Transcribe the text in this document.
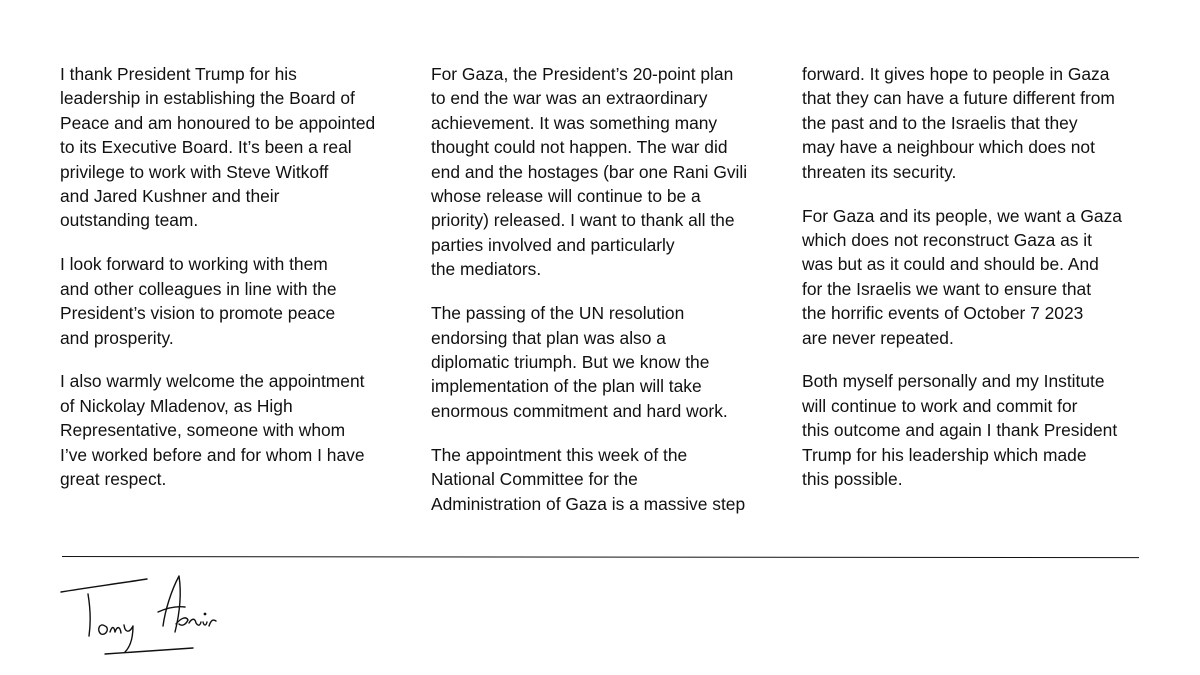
I thank President Trump for his
leadership in establishing the Board of
Peace and am honoured to be appointed
to its Executive Board. It’s been a real
privilege to work with Steve Witkoff
and Jared Kushner and their
outstanding team.

I look forward to working with them
and other colleagues in line with the
President’s vision to promote peace
and prosperity.

I also warmly welcome the appointment
of Nickolay Mladenov, as High
Representative, someone with whom
I’ve worked before and for whom I have
great respect.

For Gaza, the President’s 20-point plan
to end the war was an extraordinary
achievement. It was something many
thought could not happen. The war did
end and the hostages (bar one Rani Gvili
whose release will continue to be a
priority) released. I want to thank all the
parties involved and particularly
the mediators.

The passing of the UN resolution
endorsing that plan was also a
diplomatic triumph. But we know the
implementation of the plan will take
enormous commitment and hard work.

The appointment this week of the
National Committee for the
Administration of Gaza is a massive step

forward. It gives hope to people in Gaza
that they can have a future different from
the past and to the Israelis that they
may have a neighbour which does not
threaten its security.

For Gaza and its people, we want a Gaza
which does not reconstruct Gaza as it
was but as it could and should be. And
for the Israelis we want to ensure that
the horrific events of October 7 2023
are never repeated.

Both myself personally and my Institute
will continue to work and commit for
this outcome and again I thank President
Trump for his leadership which made
this possible.
